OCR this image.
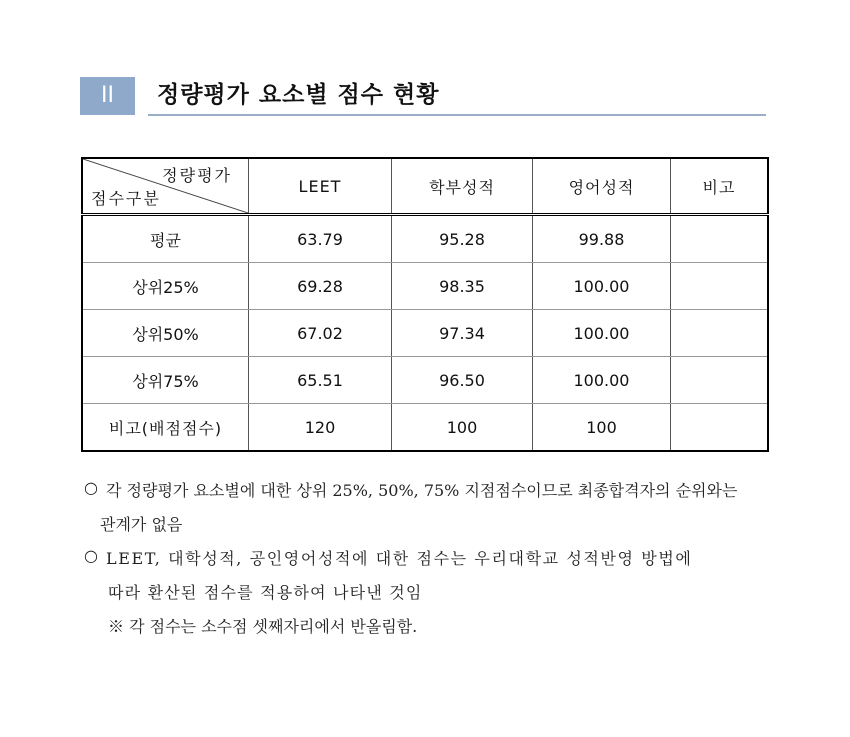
II	정량평가 요소별 점수 현황
정량평가
점수구분	LEET	학부성적	영어성적	비고
평균	63.79	95.28	99.88	
상위25%	69.28	98.35	100.00	
상위50%	67.02	97.34	100.00	
상위75%	65.51	96.50	100.00	
비고(배점점수)	120	100	100	
○ 각 정량평가 요소별에 대한 상위 25%, 50%, 75% 지점점수이므로 최종합격자의 순위와는
관계가 없음
○ LEET, 대학성적, 공인영어성적에 대한 점수는 우리대학교 성적반영 방법에
따라 환산된 점수를 적용하여 나타낸 것임
※ 각 점수는 소수점 셋째자리에서 반올림함.
